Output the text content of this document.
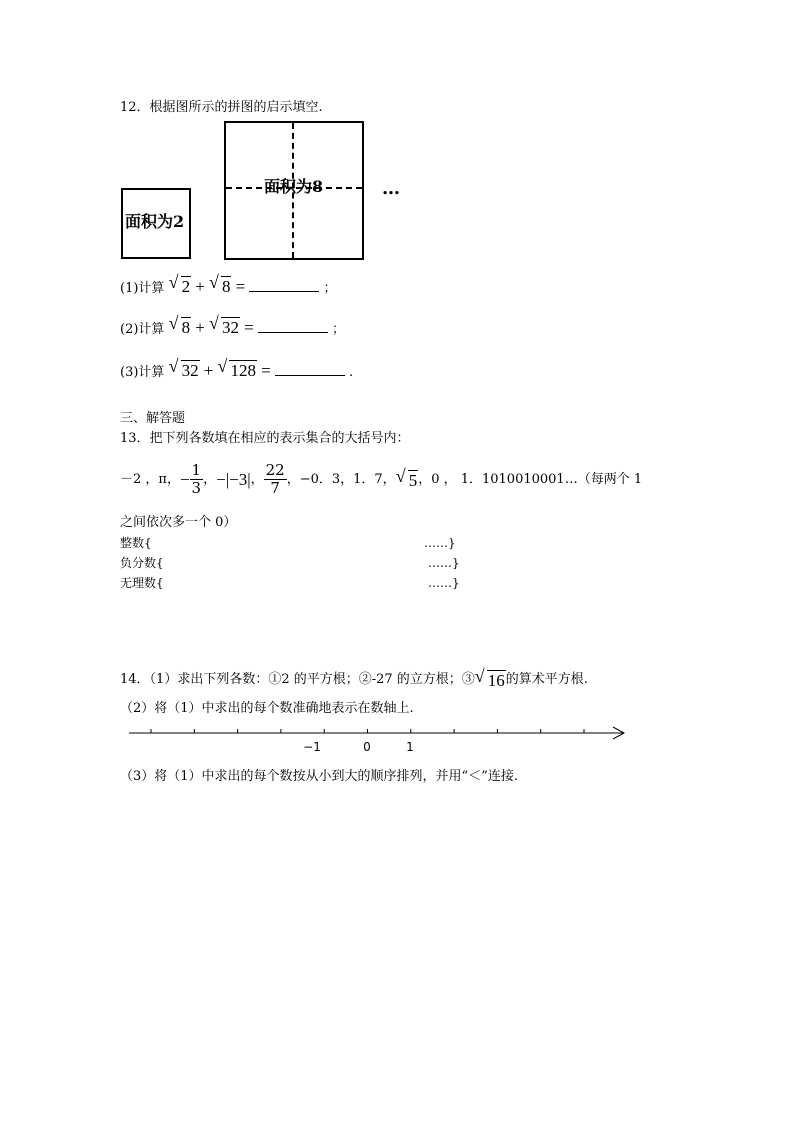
12．根据图所示的拼图的启示填空.
面积为2
面积为8	…
(1)计算 √ 2 + √ 8 =	；
(2)计算 √ 8 + √ 32 =	；
(3)计算 √ 32 + √ 128 =	.
三、解答题
13．把下列各数填在相应的表示集合的大括号内：
－2 ，π， − $\frac{1}{3}$ ， −|−3| ， $\frac{22}{7}$ ，−0．3，1．7， √ 5 ，0 ， 1．1010010001…（每两个 1
之间依次多一个 0）
整数{	……}
负分数{	……}
无理数{	……}
14．（1）求出下列各数：①2 的平方根；②-27 的立方根；③ √ 16 的算术平方根.
（2）将（1）中求出的每个数准确地表示在数轴上.
−1	0	1
（3）将（1）中求出的每个数按从小到大的顺序排列，并用“＜”连接.
